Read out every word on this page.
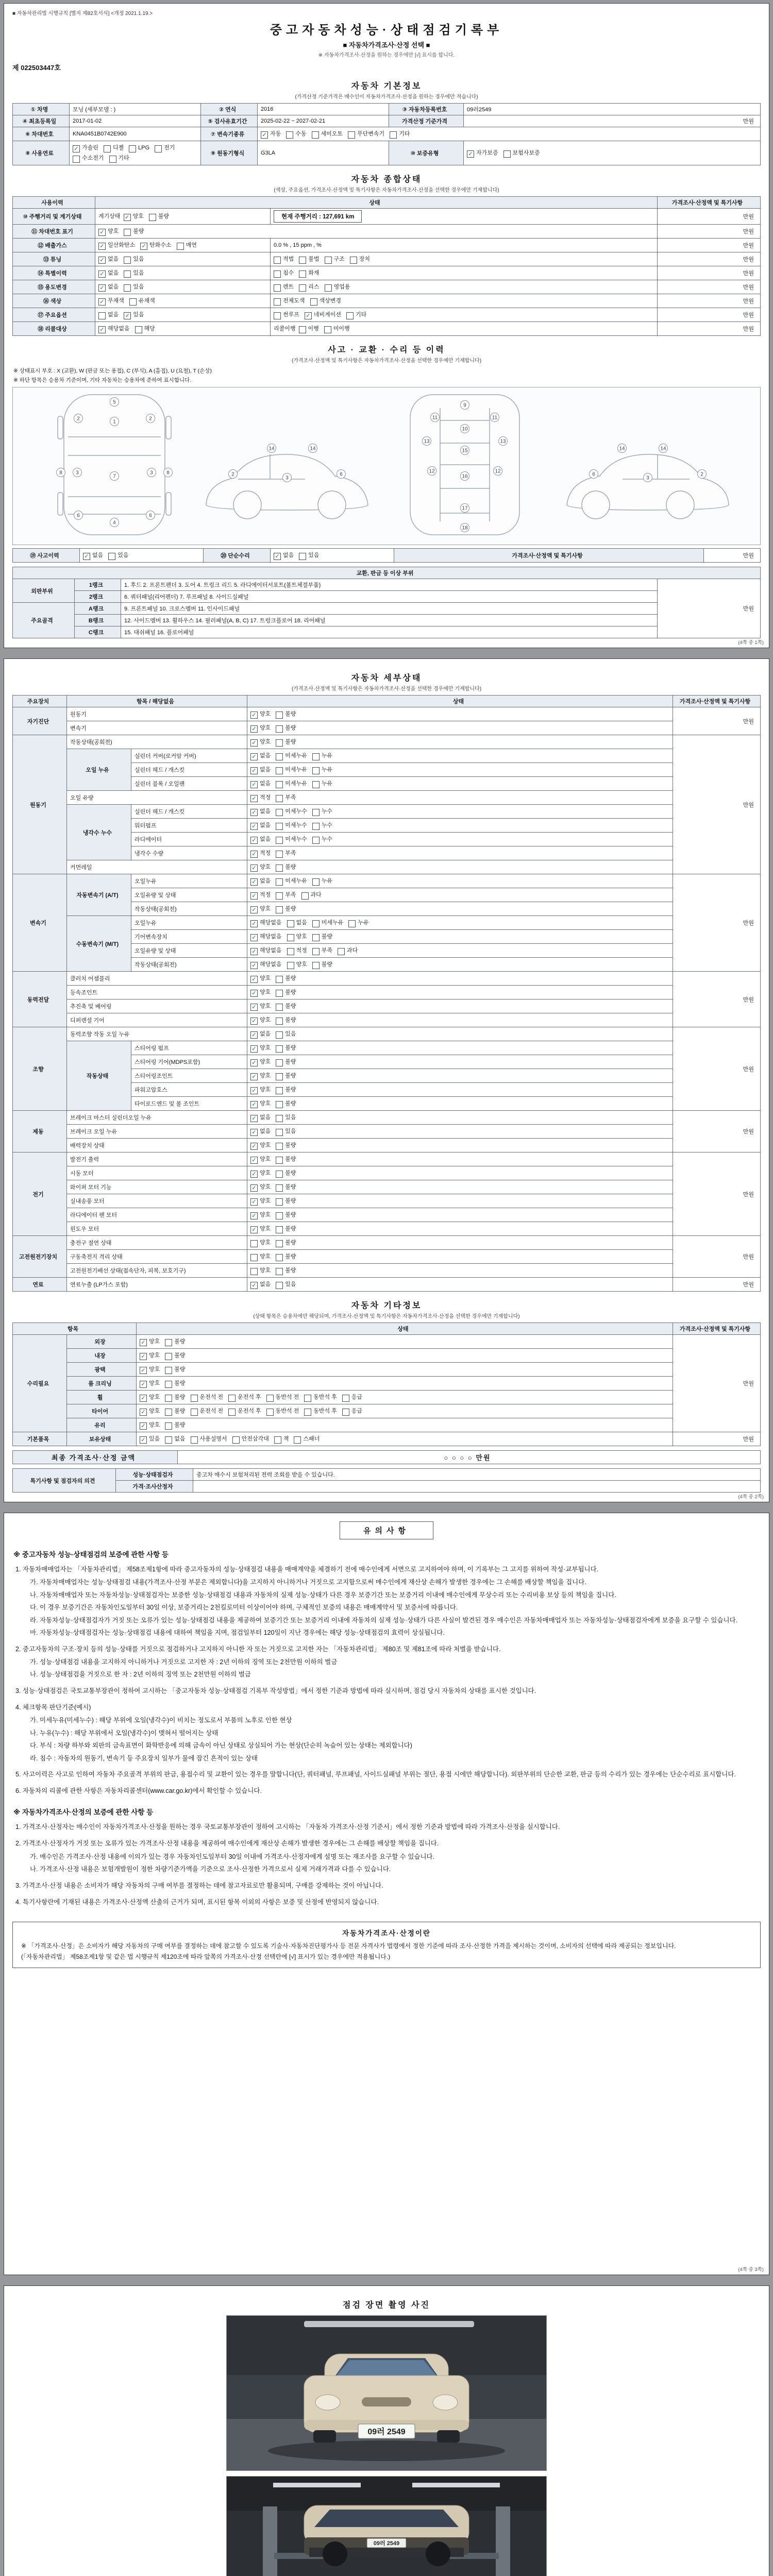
■ 자동차관리법 시행규칙 [별지 제82호서식] <개정 2021.1.19.>
중고자동차성능·상태점검기록부
■ 자동차가격조사·산정 선택 ■
※ 자동차가격조사·산정을 원하는 경우에만 [√] 표시를 합니다.
제 022503447호
자동차 기본정보
(가격산정 기준가격은 매수인이 자동차가격조사·산정을 원하는 경우에만 적습니다)
① 차명	모닝 (세부모델 : )	② 연식	2016	③ 자동차등록번호	09러2549
④ 최초등록일	2017-01-02	⑤ 검사유효기간	2025-02-22 ~ 2027-02-21	가격산정 기준가격	만원
⑥ 차대번호	KNA0451B0742E900	⑦ 변속기종류	✓ 자동 수동 세미오토 무단변속기 기타		
⑧ 사용연료	✓ 가솔린 디젤 LPG 전기 수소전기 기타	⑨ 원동기형식	G3LA	⑩ 보증유형	✓ 자가보증 보험사보증
자동차 종합상태
(색상, 주요옵션, 가격조사·산정액 및 특기사항은 자동차가격조사·산정을 선택한 경우에만 기재합니다)
사용이력	상태		가격조사·산정액 및 특기사항
⑩ 주행거리 및 계기상태	계기상태 ✓ 양호 불량	현재 주행거리 : 127,691 km	만원
⑪ 차대번호 표기	✓ 양호 불량		만원
⑫ 배출가스	✓ 일산화탄소 ✓ 탄화수소 매연	0.0 % , 15 ppm , %	만원
⑬ 튜닝	✓ 없음 있음	적법 불법 구조 장치	만원
⑭ 특별이력	✓ 없음 있음	침수 화재	만원
⑮ 용도변경	✓ 없음 있음	렌트 리스 영업용	만원
⑯ 색상	✓ 무채색 유채색	전체도색 색상변경	만원
⑰ 주요옵션	없음 ✓ 있음	썬루프 ✓ 네비게이션 기타	만원
⑱ 리콜대상	✓ 해당없음 해당	리콜이행 이행 미이행	만원
사고 · 교환 · 수리 등 이력
(가격조사·산정액 및 특기사항은 자동차가격조사·산정을 선택한 경우에만 기재합니다)
※ 상태표시 부호 : X (교환), W (판금 또는 용접), C (부식), A (흠집), U (요철), T (손상)
※ 하단 항목은 승용차 기준이며, 기타 자동차는 승용차에 준하여 표시합니다.
5
1
2	2
7
3	3
8	8
6	6
4
2
3
6
14	14
9
11	11
10
13	13
15
12	12
16
17
18
6
3
2
14	14
⑲ 사고이력	✓ 없음	있음	⑳ 단순수리	✓ 없음	있음	가격조사·산정액 및 특기사항	만원
교환, 판금 등 이상 부위			
외판부위	1랭크	1. 후드 2. 프론트펜더 3. 도어 4. 트렁크 리드 5. 라디에이터서포트(볼트체결부품)	만원
	2랭크	6. 쿼터패널(리어펜더) 7. 루프패널 8. 사이드실패널	
주요골격	A랭크	9. 프론트패널 10. 크로스멤버 11. 인사이드패널	
	B랭크	12. 사이드멤버 13. 휠하우스 14. 필러패널(A, B, C) 17. 트렁크플로어 18. 리어패널	
	C랭크	15. 대쉬패널 16. 플로어패널	
(4쪽 중 1쪽)
자동차 세부상태
(가격조사·산정액 및 특기사항은 자동차가격조사·산정을 선택한 경우에만 기재합니다)
주요장치	항목 / 해당없음		상태	가격조사·산정액 및 특기사항
자기진단	원동기		✓ 양호 불량	만원
	변속기		✓ 양호 불량	
원동기	작동상태(공회전)		✓ 양호 불량	만원
	오일 누유	실린더 커버(로커암 커버)	✓ 없음 미세누유 누유	
		실린더 헤드 / 개스킷	✓ 없음 미세누유 누유	
		실린더 블록 / 오일팬	✓ 없음 미세누유 누유	
	오일 유량		✓ 적정 부족	
	냉각수 누수	실린더 헤드 / 개스킷	✓ 없음 미세누수 누수	
		워터펌프	✓ 없음 미세누수 누수	
		라디에이터	✓ 없음 미세누수 누수	
		냉각수 수량	✓ 적정 부족	
	커먼레일		✓ 양호 불량	
변속기	자동변속기 (A/T)	오일누유	✓ 없음 미세누유 누유	만원
		오일유량 및 상태	✓ 적정 부족 과다	
		작동상태(공회전)	✓ 양호 불량	
	수동변속기 (M/T)	오일누유	✓ 해당없음 없음 미세누유 누유	
		기어변속장치	✓ 해당없음 양호 불량	
		오일유량 및 상태	✓ 해당없음 적정 부족 과다	
		작동상태(공회전)	✓ 해당없음 양호 불량	
동력전달	클러치 어셈블리		✓ 양호 불량	만원
	등속조인트		✓ 양호 불량	
	추진축 및 베어링		✓ 양호 불량	
	디퍼렌셜 기어		✓ 양호 불량	
조향	동력조향 작동 오일 누유		✓ 없음 있음	만원
	작동상태	스티어링 펌프	✓ 양호 불량	
		스티어링 기어(MDPS포함)	✓ 양호 불량	
		스티어링조인트	✓ 양호 불량	
		파워고압호스	✓ 양호 불량	
		타이로드엔드 및 볼 조인트	✓ 양호 불량	
제동	브레이크 마스터 실린더오일 누유		✓ 없음 있음	만원
	브레이크 오일 누유		✓ 없음 있음	
	배력장치 상태		✓ 양호 불량	
전기	발전기 출력		✓ 양호 불량	만원
	시동 모터		✓ 양호 불량	
	와이퍼 모터 기능		✓ 양호 불량	
	실내송풍 모터		✓ 양호 불량	
	라디에이터 팬 모터		✓ 양호 불량	
	윈도우 모터		✓ 양호 불량	
고전원전기장치	충전구 절연 상태		양호 불량	만원
	구동축전지 격리 상태		양호 불량	
	고전원전기배선 상태(접속단자, 피복, 보호기구)		양호 불량	
연료	연료누출 (LP가스 포함)		✓ 없음 있음	만원
자동차 기타정보
(상태 항목은 승용차에만 해당되며, 가격조사·산정액 및 특기사항은 자동차가격조사·산정을 선택한 경우에만 기재합니다)
항목		상태	가격조사·산정액 및 특기사항
수리필요	외장	✓ 양호 불량	만원
	내장	✓ 양호 불량	
	광택	✓ 양호 불량	
	룸 크리닝	✓ 양호 불량	
	휠	✓ 양호 불량 운전석 전 운전석 후 동반석 전 동반석 후 응급	
	타이어	✓ 양호 불량 운전석 전 운전석 후 동반석 전 동반석 후 응급	
	유리	✓ 양호 불량	
기본품목	보유상태	✓ 있음 없음 사용설명서 안전삼각대 잭 스패너	만원
최종 가격조사·산정 금액	○ ○ ○ ○ 만원
특기사항 및 점검자의 의견	성능·상태점검자	중고차 매수시 보험처리된 전력 조회를 받을 수 있습니다.
	가격·조사산정자	
(4쪽 중 2쪽)
유의사항
※ 중고자동차 성능·상태점검의 보증에 관한 사항 등
1. 자동차매매업자는 「자동차관리법」 제58조제1항에 따라 중고자동차의 성능·상태점검 내용을 매매계약을 체결하기 전에 매수인에게 서면으로 고지하여야 하며, 이 기록부는 그 고지를 위하여 작성·교부됩니다.
가. 자동차매매업자는 성능·상태점검 내용(가격조사·산정 부분은 제외합니다)을 고지하지 아니하거나 거짓으로 고지함으로써 매수인에게 재산상 손해가 발생한 경우에는 그 손해를 배상할 책임을 집니다.
나. 자동차매매업자 또는 자동차성능·상태점검자는 보증한 성능·상태점검 내용과 자동차의 실제 성능·상태가 다른 경우 보증기간 또는 보증거리 이내에 매수인에게 무상수리 또는 수리비용 보상 등의 책임을 집니다.
다. 이 경우 보증기간은 자동차인도일부터 30일 이상, 보증거리는 2천킬로미터 이상이어야 하며, 구체적인 보증의 내용은 매매계약서 및 보증서에 따릅니다.
라. 자동차성능·상태점검자가 거짓 또는 오류가 있는 성능·상태점검 내용을 제공하여 보증기간 또는 보증거리 이내에 자동차의 실제 성능·상태가 다른 사실이 발견된 경우 매수인은 자동차매매업자 또는 자동차성능·상태점검자에게 보증을 요구할 수 있습니다.
마. 자동차성능·상태점검자는 성능·상태점검 내용에 대하여 책임을 지며, 점검일부터 120일이 지난 경우에는 해당 성능·상태점검의 효력이 상실됩니다.
2. 중고자동차의 구조·장치 등의 성능·상태를 거짓으로 점검하거나 고지하지 아니한 자 또는 거짓으로 고지한 자는 「자동차관리법」 제80조 및 제81조에 따라 처벌을 받습니다.
가. 성능·상태점검 내용을 고지하지 아니하거나 거짓으로 고지한 자 : 2년 이하의 징역 또는 2천만원 이하의 벌금
나. 성능·상태점검을 거짓으로 한 자 : 2년 이하의 징역 또는 2천만원 이하의 벌금
3. 성능·상태점검은 국토교통부장관이 정하여 고시하는 「중고자동차 성능·상태점검 기록부 작성방법」에서 정한 기준과 방법에 따라 실시하며, 점검 당시 자동차의 상태를 표시한 것입니다.
4. 체크항목 판단기준(예시)
가. 미세누유(미세누수) : 해당 부위에 오일(냉각수)이 비치는 정도로서 부품의 노후로 인한 현상
나. 누유(누수) : 해당 부위에서 오일(냉각수)이 맺혀서 떨어지는 상태
다. 부식 : 차량 하부와 외판의 금속표면이 화학반응에 의해 금속이 아닌 상태로 상실되어 가는 현상(단순히 녹슬어 있는 상태는 제외합니다)
라. 침수 : 자동차의 원동기, 변속기 등 주요장치 일부가 물에 잠긴 흔적이 있는 상태
5. 사고이력은 사고로 인하여 자동차 주요골격 부위의 판금, 용접수리 및 교환이 있는 경우를 말합니다(단, 쿼터패널, 루프패널, 사이드실패널 부위는 절단, 용접 시에만 해당합니다). 외판부위의 단순한 교환, 판금 등의 수리가 있는 경우에는 단순수리로 표시합니다.
6. 자동차의 리콜에 관한 사항은 자동차리콜센터(www.car.go.kr)에서 확인할 수 있습니다.
※ 자동차가격조사·산정의 보증에 관한 사항 등
1. 가격조사·산정자는 매수인이 자동차가격조사·산정을 원하는 경우 국토교통부장관이 정하여 고시하는 「자동차 가격조사·산정 기준서」에서 정한 기준과 방법에 따라 가격조사·산정을 실시합니다.
2. 가격조사·산정자가 거짓 또는 오류가 있는 가격조사·산정 내용을 제공하여 매수인에게 재산상 손해가 발생한 경우에는 그 손해를 배상할 책임을 집니다.
가. 매수인은 가격조사·산정 내용에 이의가 있는 경우 자동차인도일부터 30일 이내에 가격조사·산정자에게 설명 또는 재조사를 요구할 수 있습니다.
나. 가격조사·산정 내용은 보험개발원이 정한 차량기준가액을 기준으로 조사·산정한 가격으로서 실제 거래가격과 다를 수 있습니다.
3. 가격조사·산정 내용은 소비자가 해당 자동차의 구매 여부를 결정하는 데에 참고자료로만 활용되며, 구매를 강제하는 것이 아닙니다.
4. 특기사항란에 기재된 내용은 가격조사·산정액 산출의 근거가 되며, 표시된 항목 이외의 사항은 보증 및 산정에 반영되지 않습니다.
자동차가격조사·산정이란
※ 「가격조사·산정」은 소비자가 해당 자동차의 구매 여부를 결정하는 데에 참고할 수 있도록 기술사·자동차진단평가사 등 전문 자격사가 법령에서 정한 기준에 따라 조사·산정한 가격을 제시하는 것이며, 소비자의 선택에 따라 제공되는 정보입니다.
(「자동차관리법」 제58조제1항 및 같은 법 시행규칙 제120조에 따라 앞쪽의 가격조사·산정 선택란에 [√] 표시가 있는 경우에만 적용됩니다.)
(4쪽 중 3쪽)
점검 장면 촬영 사진
09러 2549
09러 2549
